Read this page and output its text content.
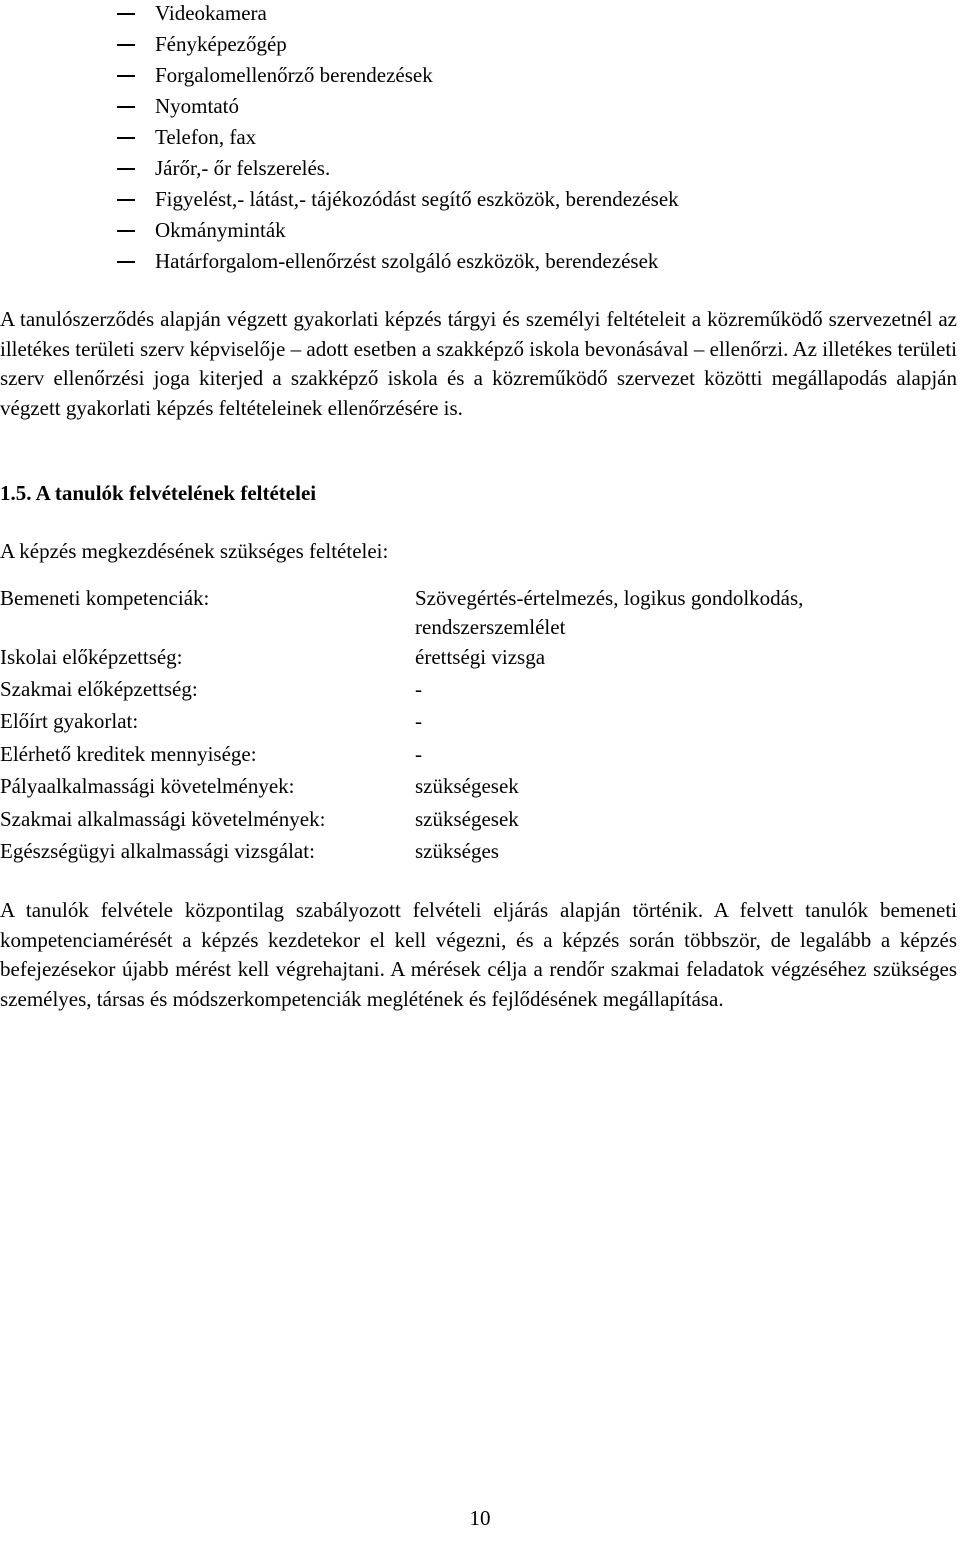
Videokamera
Fényképezőgép
Forgalomellenőrző berendezések
Nyomtató
Telefon, fax
Járőr,- őr felszerelés.
Figyelést,- látást,- tájékozódást segítő eszközök, berendezések
Okmányminták
Határforgalom-ellenőrzést szolgáló eszközök, berendezések

A tanulószerződés alapján végzett gyakorlati képzés tárgyi és személyi feltételeit a közreműködő szervezetnél az illetékes területi szerv képviselője – adott esetben a szakképző iskola bevonásával – ellenőrzi. Az illetékes területi szerv ellenőrzési joga kiterjed a szakképző iskola és a közreműködő szervezet közötti megállapodás alapján végzett gyakorlati képzés feltételeinek ellenőrzésére is.

1.5. A tanulók felvételének feltételei

A képzés megkezdésének szükséges feltételei:

Bemeneti kompetenciák:	Szövegértés-értelmezés, logikus gondolkodás, rendszerszemlélet
Iskolai előképzettség:	érettségi vizsga
Szakmai előképzettség:	-
Előírt gyakorlat:	-
Elérhető kreditek mennyisége:	-
Pályaalkalmassági követelmények:	szükségesek
Szakmai alkalmassági követelmények:	szükségesek
Egészségügyi alkalmassági vizsgálat:	szükséges

A tanulók felvétele központilag szabályozott felvételi eljárás alapján történik. A felvett tanulók bemeneti kompetenciamérését a képzés kezdetekor el kell végezni, és a képzés során többször, de legalább a képzés befejezésekor újabb mérést kell végrehajtani. A mérések célja a rendőr szakmai feladatok végzéséhez szükséges személyes, társas és módszerkompetenciák meglétének és fejlődésének megállapítása.

10
